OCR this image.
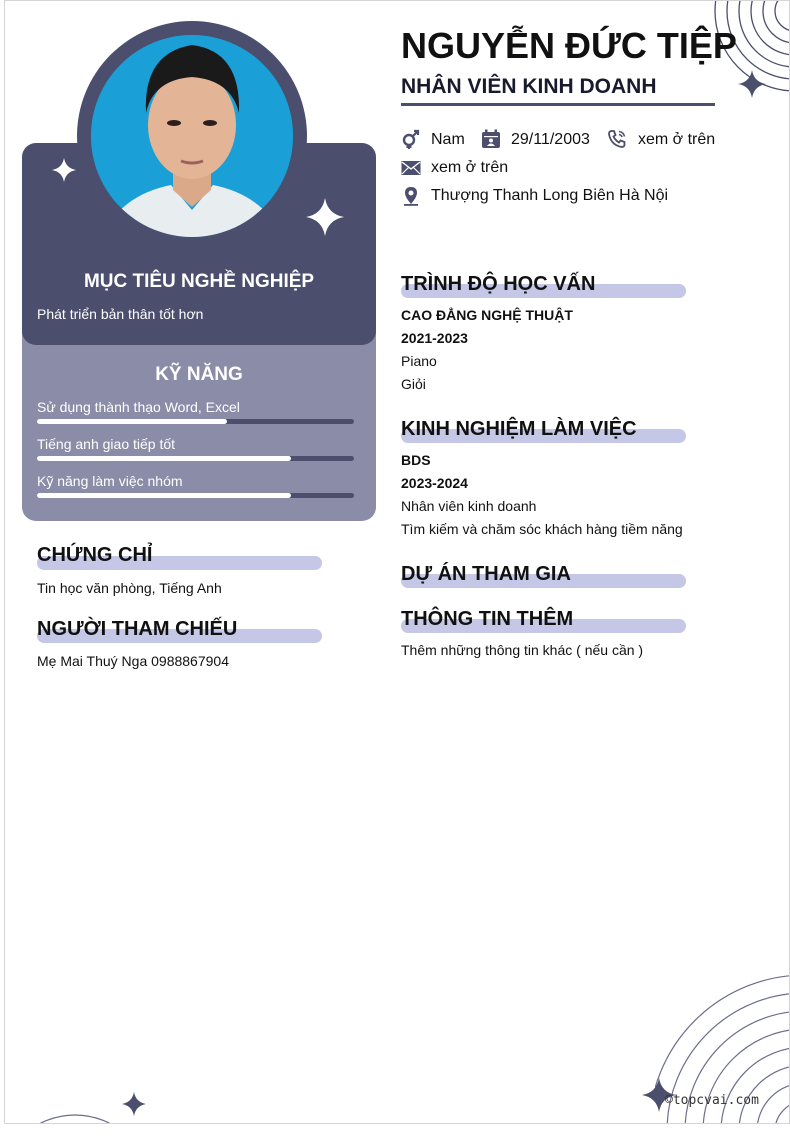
MỤC TIÊU NGHỀ NGHIỆP
Phát triển bản thân tốt hơn
KỸ NĂNG
Sử dụng thành thạo Word, Excel
Tiếng anh giao tiếp tốt
Kỹ năng làm việc nhóm
CHỨNG CHỈ
Tin học văn phòng, Tiếng Anh
NGƯỜI THAM CHIẾU
Mẹ Mai Thuý Nga 0988867904
NGUYỄN ĐỨC TIỆP
NHÂN VIÊN KINH DOANH
Nam	29/11/2003	xem ở trên
xem ở trên
Thượng Thanh Long Biên Hà Nội
TRÌNH ĐỘ HỌC VẤN
CAO ĐẲNG NGHỆ THUẬT
2021-2023
Piano
Giỏi
KINH NGHIỆM LÀM VIỆC
BDS
2023-2024
Nhân viên kinh doanh
Tìm kiếm và chăm sóc khách hàng tiềm năng
DỰ ÁN THAM GIA
THÔNG TIN THÊM
Thêm những thông tin khác ( nếu cần )
©topcvai.com
